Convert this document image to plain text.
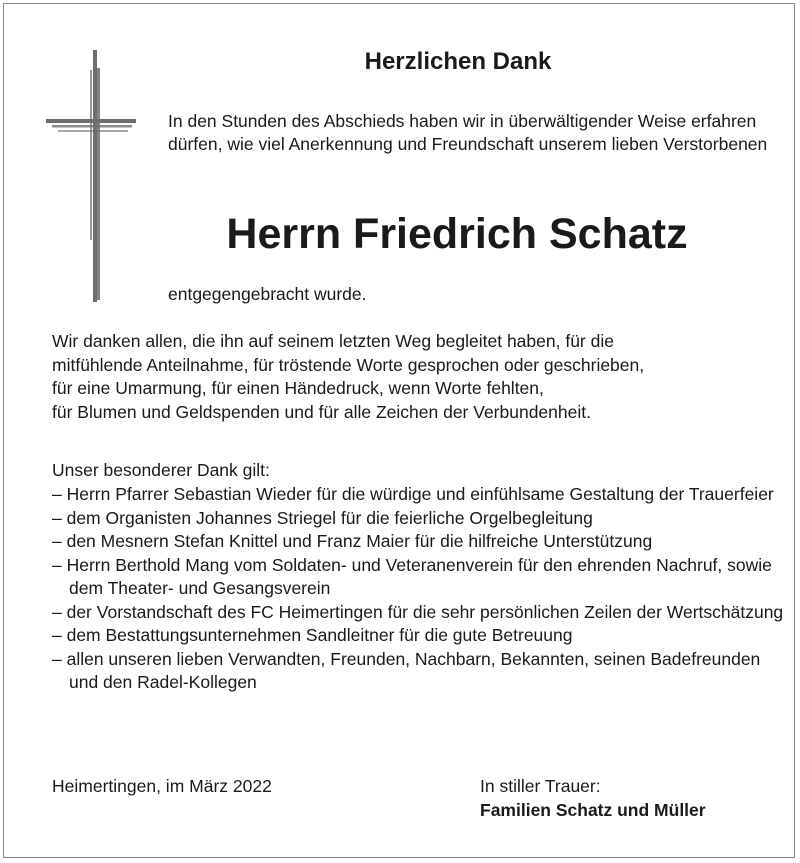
Herzlichen Dank

In den Stunden des Abschieds haben wir in überwältigender Weise erfahren dürfen, wie viel Anerkennung und Freundschaft unserem lieben Verstorbenen

Herrn Friedrich Schatz

entgegengebracht wurde.

Wir danken allen, die ihn auf seinem letzten Weg begleitet haben, für die
mitfühlende Anteilnahme, für tröstende Worte gesprochen oder geschrieben,
für eine Umarmung, für einen Händedruck, wenn Worte fehlten,
für Blumen und Geldspenden und für alle Zeichen der Verbundenheit.

Unser besonderer Dank gilt:

– Herrn Pfarrer Sebastian Wieder für die würdige und einfühlsame Gestaltung der Trauerfeier
– dem Organisten Johannes Striegel für die feierliche Orgelbegleitung
– den Mesnern Stefan Knittel und Franz Maier für die hilfreiche Unterstützung
– Herrn Berthold Mang vom Soldaten- und Veteranenverein für den ehrenden Nachruf, sowie dem Theater- und Gesangsverein
– der Vorstandschaft des FC Heimertingen für die sehr persönlichen Zeilen der Wertschätzung
– dem Bestattungsunternehmen Sandleitner für die gute Betreuung
– allen unseren lieben Verwandten, Freunden, Nachbarn, Bekannten, seinen Badefreunden und den Radel-Kollegen

Heimertingen, im März 2022	In stiller Trauer:

Familien Schatz und Müller
